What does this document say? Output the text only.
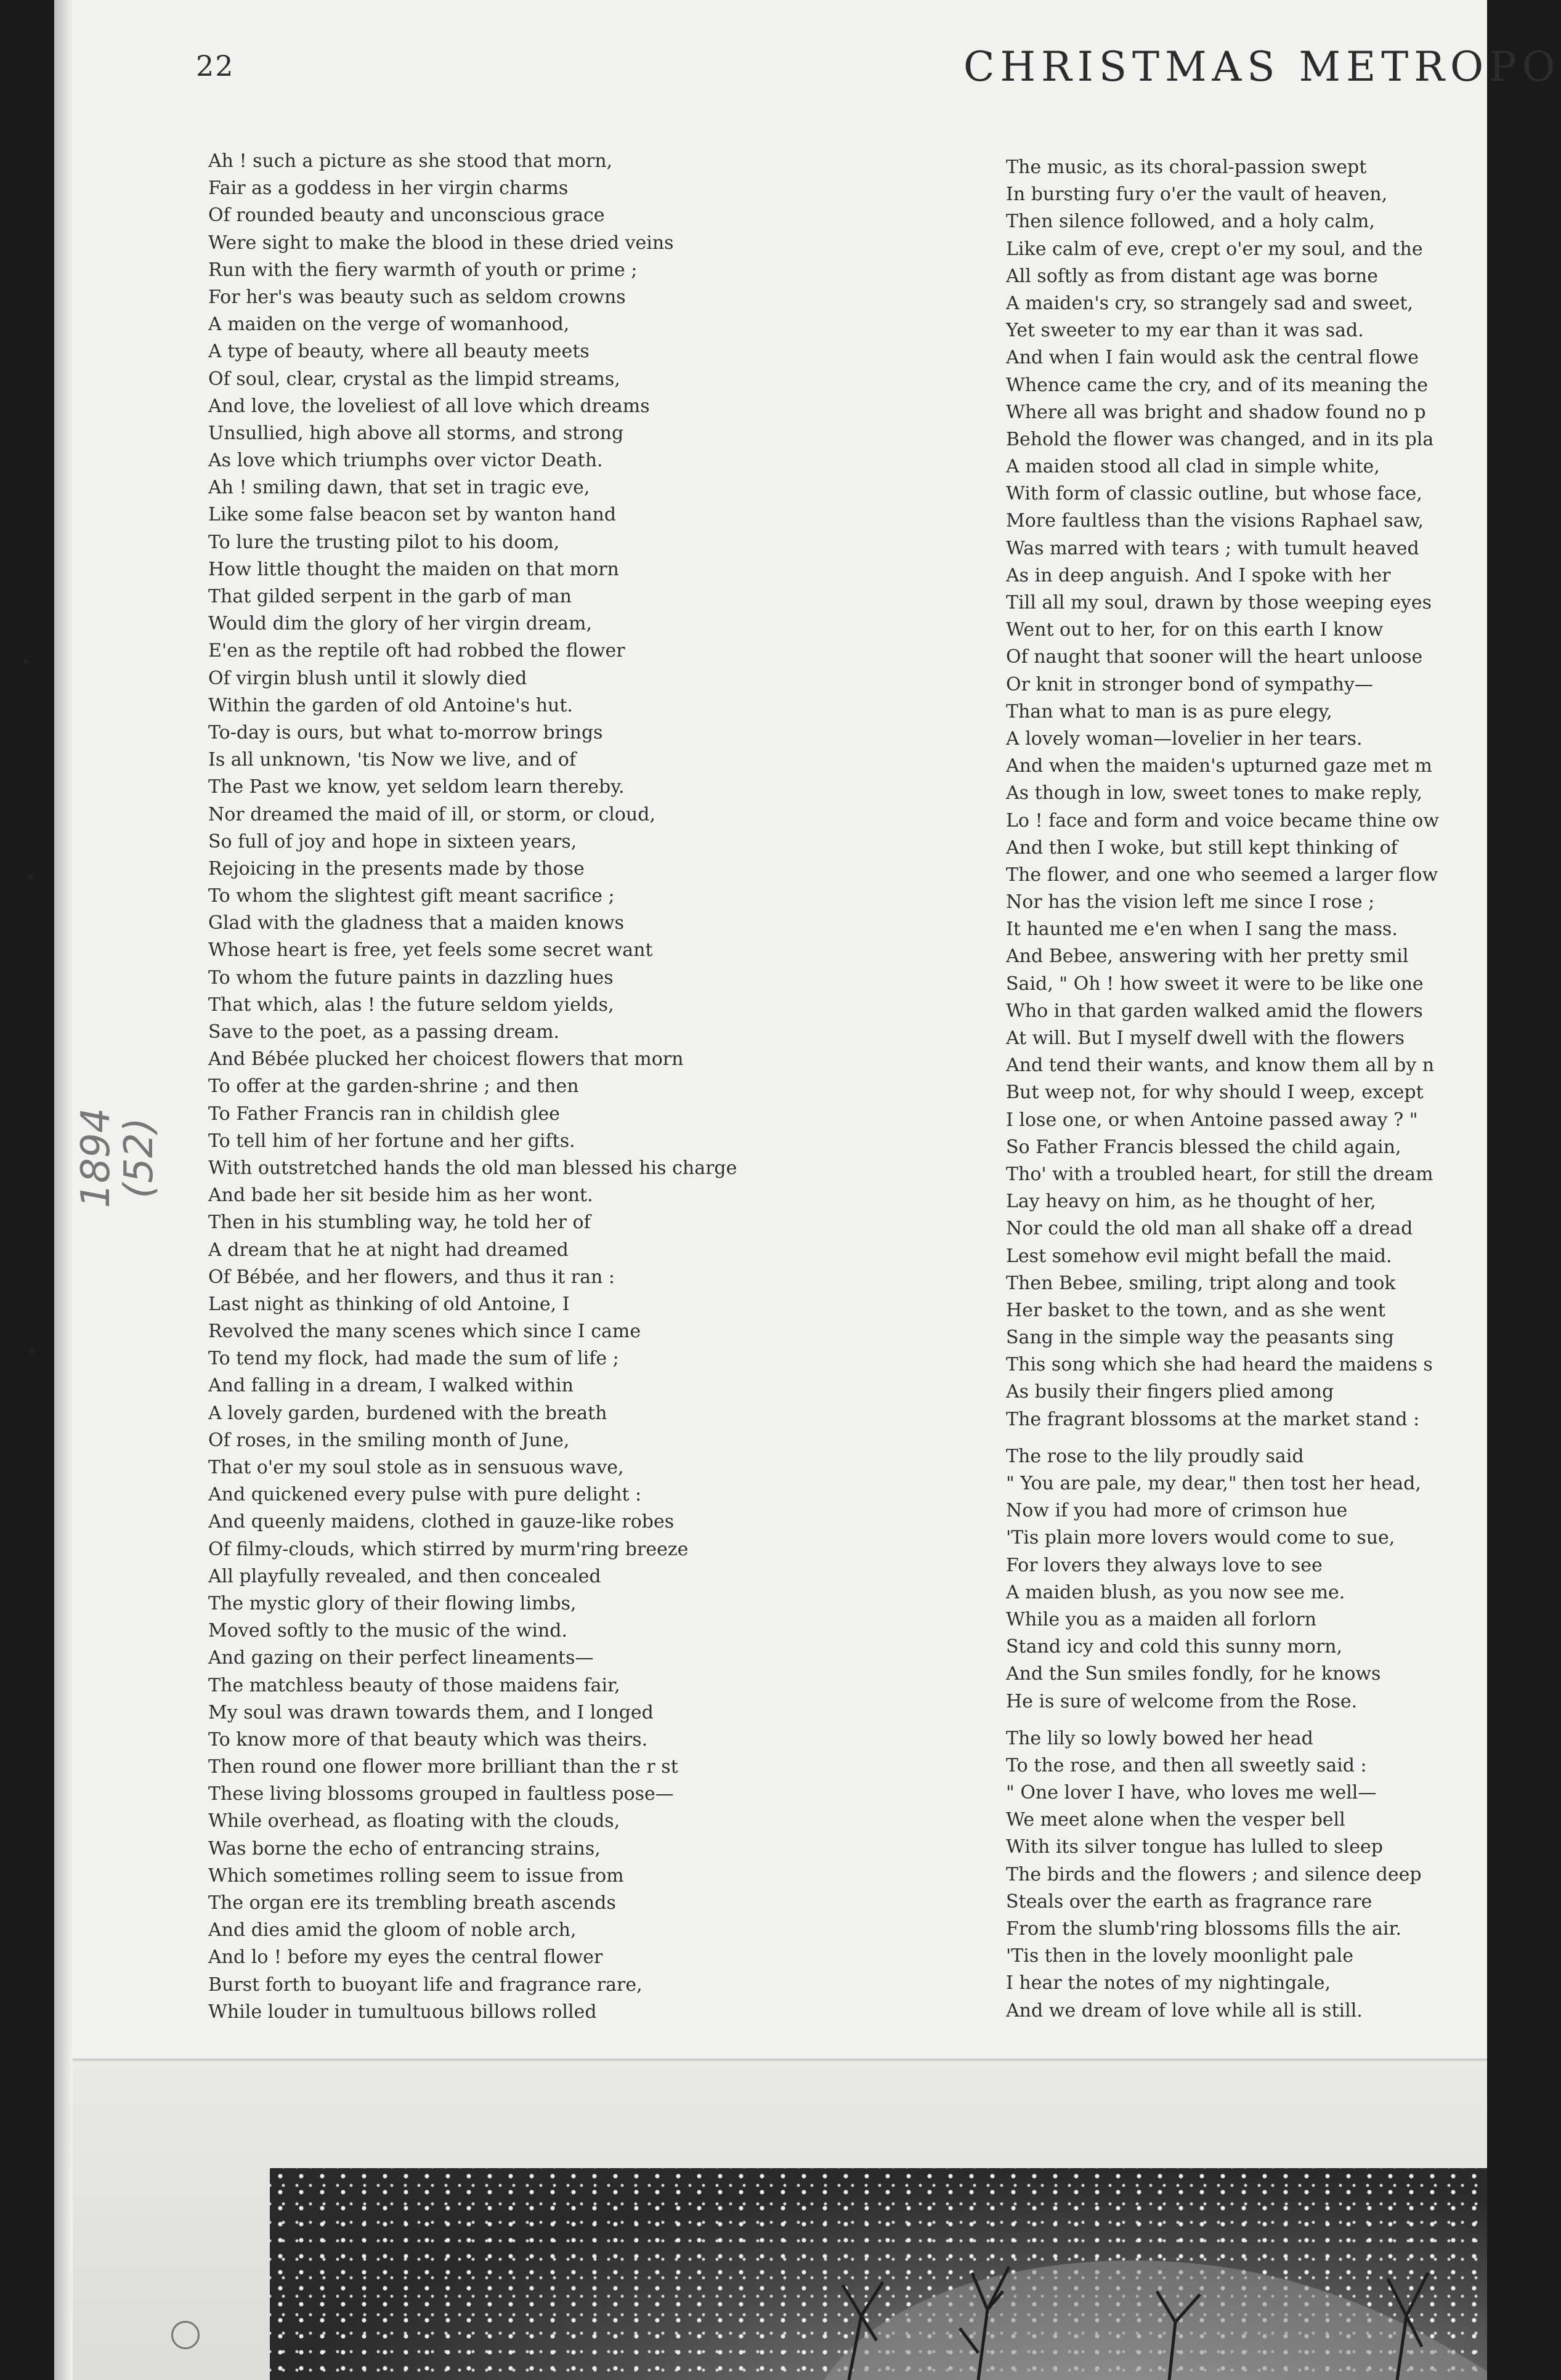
22	CHRISTMAS METROPO
1894 (52)
Ah ! such a picture as she stood that morn,
Fair as a goddess in her virgin charms
Of rounded beauty and unconscious grace
Were sight to make the blood in these dried veins
Run with the fiery warmth of youth or prime ;
For her's was beauty such as seldom crowns
A maiden on the verge of womanhood,
A type of beauty, where all beauty meets
Of soul, clear, crystal as the limpid streams,
And love, the loveliest of all love which dreams
Unsullied, high above all storms, and strong
As love which triumphs over victor Death.
Ah ! smiling dawn, that set in tragic eve,
Like some false beacon set by wanton hand
To lure the trusting pilot to his doom,
How little thought the maiden on that morn
That gilded serpent in the garb of man
Would dim the glory of her virgin dream,
E'en as the reptile oft had robbed the flower
Of virgin blush until it slowly died
Within the garden of old Antoine's hut.
To-day is ours, but what to-morrow brings
Is all unknown, 'tis Now we live, and of
The Past we know, yet seldom learn thereby.
Nor dreamed the maid of ill, or storm, or cloud,
So full of joy and hope in sixteen years,
Rejoicing in the presents made by those
To whom the slightest gift meant sacrifice ;
Glad with the gladness that a maiden knows
Whose heart is free, yet feels some secret want
To whom the future paints in dazzling hues
That which, alas ! the future seldom yields,
Save to the poet, as a passing dream.
And Bébée plucked her choicest flowers that morn
To offer at the garden-shrine ; and then
To Father Francis ran in childish glee
To tell him of her fortune and her gifts.
With outstretched hands the old man blessed his charge
And bade her sit beside him as her wont.
Then in his stumbling way, he told her of
A dream that he at night had dreamed
Of Bébée, and her flowers, and thus it ran :
Last night as thinking of old Antoine, I
Revolved the many scenes which since I came
To tend my flock, had made the sum of life ;
And falling in a dream, I walked within
A lovely garden, burdened with the breath
Of roses, in the smiling month of June,
That o'er my soul stole as in sensuous wave,
And quickened every pulse with pure delight :
And queenly maidens, clothed in gauze-like robes
Of filmy-clouds, which stirred by murm'ring breeze
All playfully revealed, and then concealed
The mystic glory of their flowing limbs,
Moved softly to the music of the wind.
And gazing on their perfect lineaments—
The matchless beauty of those maidens fair,
My soul was drawn towards them, and I longed
To know more of that beauty which was theirs.
Then round one flower more brilliant than the r st
These living blossoms grouped in faultless pose—
While overhead, as floating with the clouds,
Was borne the echo of entrancing strains,
Which sometimes rolling seem to issue from
The organ ere its trembling breath ascends
And dies amid the gloom of noble arch,
And lo ! before my eyes the central flower
Burst forth to buoyant life and fragrance rare,
While louder in tumultuous billows rolled
The music, as its choral-passion swept
In bursting fury o'er the vault of heaven,
Then silence followed, and a holy calm,
Like calm of eve, crept o'er my soul, and the
All softly as from distant age was borne
A maiden's cry, so strangely sad and sweet,
Yet sweeter to my ear than it was sad.
And when I fain would ask the central flowe
Whence came the cry, and of its meaning the
Where all was bright and shadow found no p
Behold the flower was changed, and in its pla
A maiden stood all clad in simple white,
With form of classic outline, but whose face,
More faultless than the visions Raphael saw,
Was marred with tears ; with tumult heaved
As in deep anguish. And I spoke with her
Till all my soul, drawn by those weeping eyes
Went out to her, for on this earth I know
Of naught that sooner will the heart unloose
Or knit in stronger bond of sympathy—
Than what to man is as pure elegy,
A lovely woman—lovelier in her tears.
And when the maiden's upturned gaze met m
As though in low, sweet tones to make reply,
Lo ! face and form and voice became thine ow
And then I woke, but still kept thinking of
The flower, and one who seemed a larger flow
Nor has the vision left me since I rose ;
It haunted me e'en when I sang the mass.
And Bebee, answering with her pretty smil
Said, " Oh ! how sweet it were to be like one
Who in that garden walked amid the flowers
At will. But I myself dwell with the flowers
And tend their wants, and know them all by n
But weep not, for why should I weep, except
I lose one, or when Antoine passed away ? "
So Father Francis blessed the child again,
Tho' with a troubled heart, for still the dream
Lay heavy on him, as he thought of her,
Nor could the old man all shake off a dread
Lest somehow evil might befall the maid.
Then Bebee, smiling, tript along and took
Her basket to the town, and as she went
Sang in the simple way the peasants sing
This song which she had heard the maidens s
As busily their fingers plied among
The fragrant blossoms at the market stand :
The rose to the lily proudly said
" You are pale, my dear," then tost her head,
Now if you had more of crimson hue
'Tis plain more lovers would come to sue,
For lovers they always love to see
A maiden blush, as you now see me.
While you as a maiden all forlorn
Stand icy and cold this sunny morn,
And the Sun smiles fondly, for he knows
He is sure of welcome from the Rose.
The lily so lowly bowed her head
To the rose, and then all sweetly said :
" One lover I have, who loves me well—
We meet alone when the vesper bell
With its silver tongue has lulled to sleep
The birds and the flowers ; and silence deep
Steals over the earth as fragrance rare
From the slumb'ring blossoms fills the air.
'Tis then in the lovely moonlight pale
I hear the notes of my nightingale,
And we dream of love while all is still.
